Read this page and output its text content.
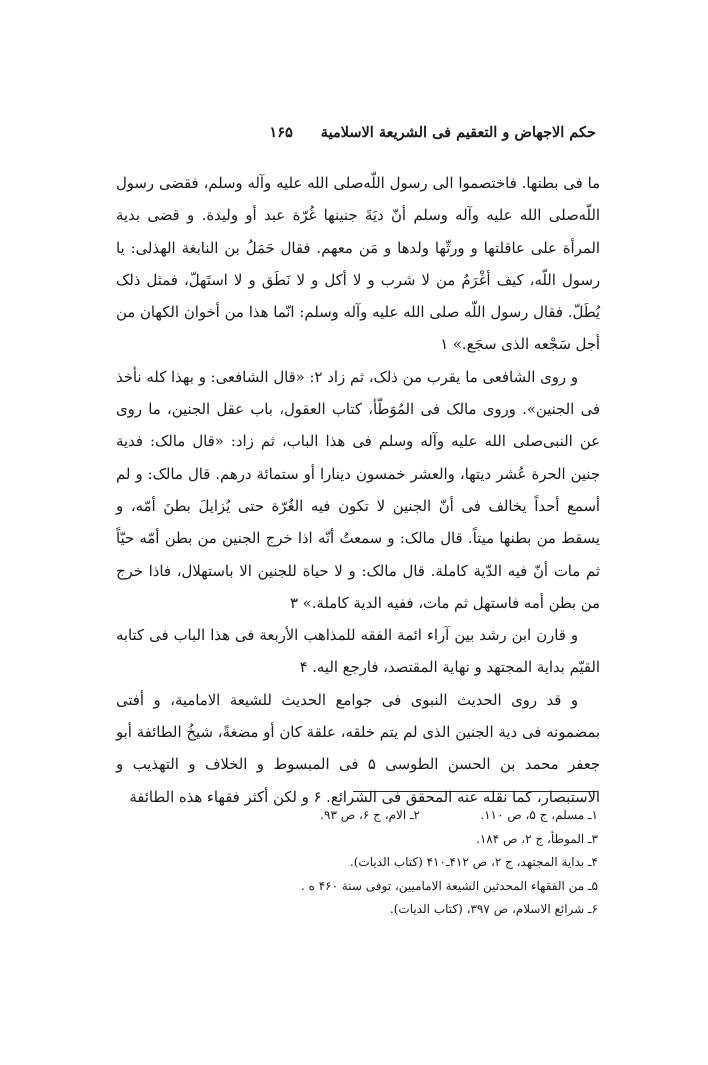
حکم الاجهاض و التعقیم فی الشریعة الاسلامیة
۱۶۵

ما فی بطنها. فاختصموا الی رسول اللّه‌صلی الله علیه وآله وسلم، فقضی رسول اللّه‌صلی الله علیه وآله وسلم أنّ دیَةَ جنینها غُرّة عبد أو ولیدة. و قضی بدیة المرأة علی عاقلتها و ورثّها ولدها و مَن معهم. فقال حَمَلُ بن النابغة الهذلی: یا رسول اللّه، کیف أغْرَمُ من لا شرب و لا أکل و لا نَطَق و لا استَهلّ، فمثل ذلک یُطَلّ. فقال رسول اللّه صلی الله علیه وآله وسلم: انّما هذا من أخوان الکهان من أجل سَجْعه الذی سجَع.» ۱

و روی الشافعی ما یقرب من ذلک، ثم زاد ۲: «قال الشافعی: و بهذا کله نأخذ فی الجنین». وروی مالک فی المُوَطّأ، کتاب العقول، باب عقل الجنین، ما روی عن النبی‌صلی الله علیه وآله وسلم فی هذا الباب، ثم زاد: «قال مالک: فدیة جنین الحرة عُشر دیتها، والعشر خمسون دینارا أو ستمائة درهم. قال مالک: و لم أسمع أحداً یخالف فی أنّ الجنین لا تکون فیه الغُرّة حتی یُزایلَ بطنَ أمّه، و یسقط من بطنها میتاً. قال مالک: و سمعتُ أنّه اذا خرج الجنین من بطن أمّه حیّاً ثم مات أنّ فیه الدّیة کاملة. قال مالک: و لا حیاة للجنین الا باستهلال، فاذا خرج من بطن أمه فاستهل ثم مات، ففیه الدیة کاملة.» ۳

و قارن ابن رشد بین آراء ائمة الفقه للمذاهب الأربعة فی هذا الباب فی کتابه القیّم بدایة المجتهد و نهایة المقتصد، فارجع الیه. ۴

و قد روی الحدیث النبوی فی جوامع الحدیث للشیعة الامامیة، و أفتی بمضمونه فی دیة الجنین الذی لم یتم خلقه، علقة کان أو مضغةً، شیخُ الطائفة أبو جعفر محمد بن الحسن الطوسی ۵ فی المبسوط و الخلاف و التهذیب و الاستبصار، کما نقله عنه المحقق فی الشرائع. ۶ و لکن أکثر فقهاء هذه الطائفة

۱ـ مسلم، ج ۵، ص ۱۱۰.
۲ـ الام، ج ۶، ص ۹۳.
۳ـ الموطأ، ج ۲، ص ۱۸۴.
۴ـ بدایة المجتهد، ج ۲، ص ۴۱۲ـ۴۱۰ (کتاب الدیات).
۵ـ من الفقهاء المحدثین الشیعة الامامیین، توفی سنة ۴۶۰ ه .
۶ـ شرائع الاسلام، ص ۳۹۷، (کتاب الدیات).
